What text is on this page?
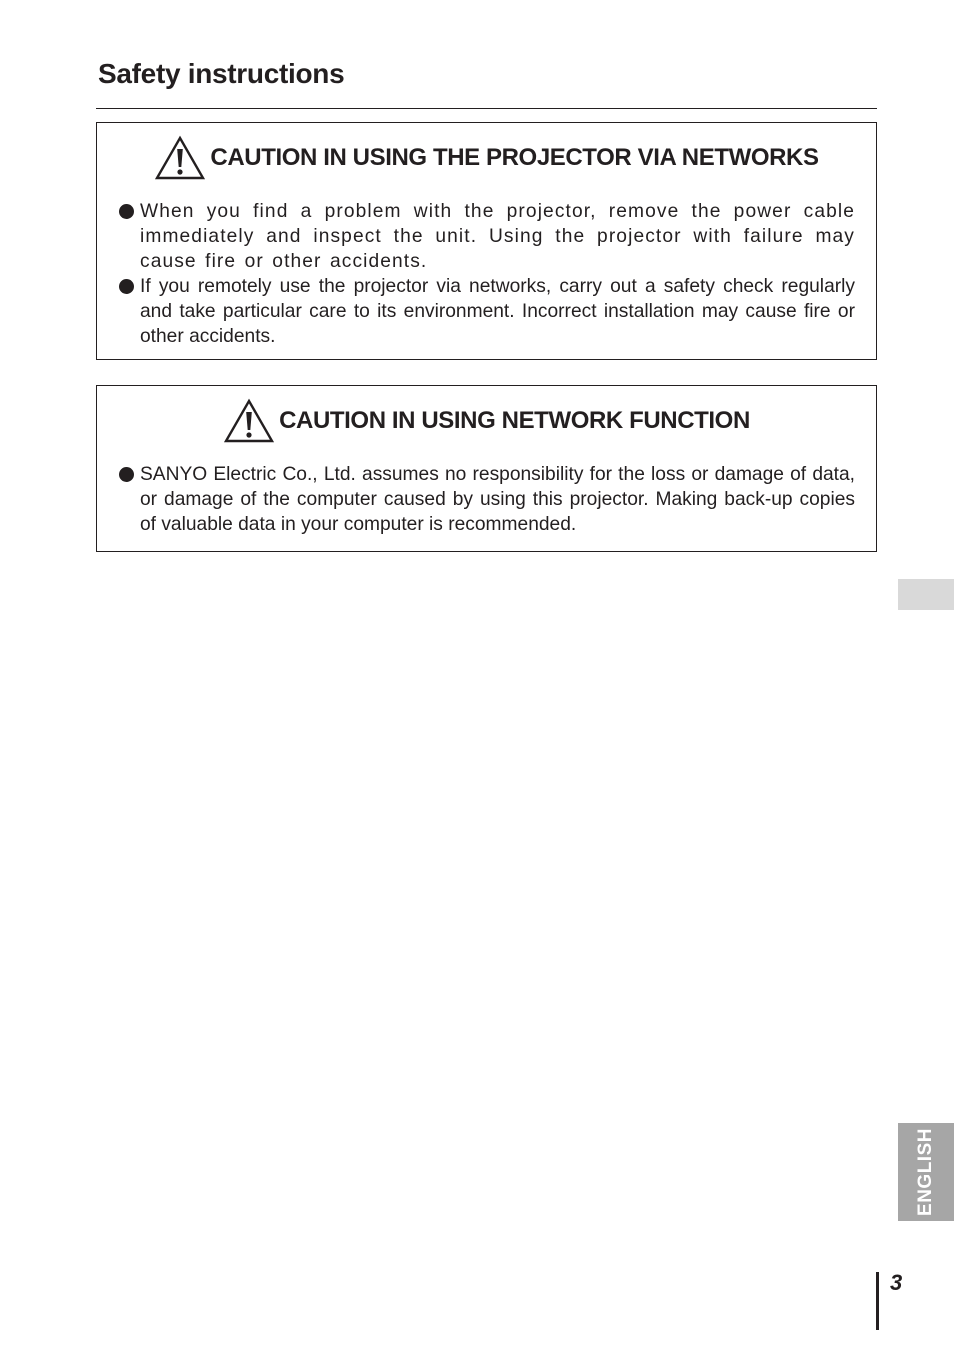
Safety instructions
CAUTION IN USING THE PROJECTOR VIA NETWORKS
When you find a problem with the projector, remove the power cable immediately and inspect the unit. Using the projector with failure may cause fire or other accidents.
If you remotely use the projector via networks, carry out a safety check regularly and take particular care to its environment. Incorrect installation may cause fire or other accidents.
CAUTION IN USING NETWORK FUNCTION
SANYO Electric Co., Ltd. assumes no responsibility for the loss or damage of data, or damage of the computer caused by using this projector. Making back-up copies of valuable data in your computer is recommended.
ENGLISH
3
